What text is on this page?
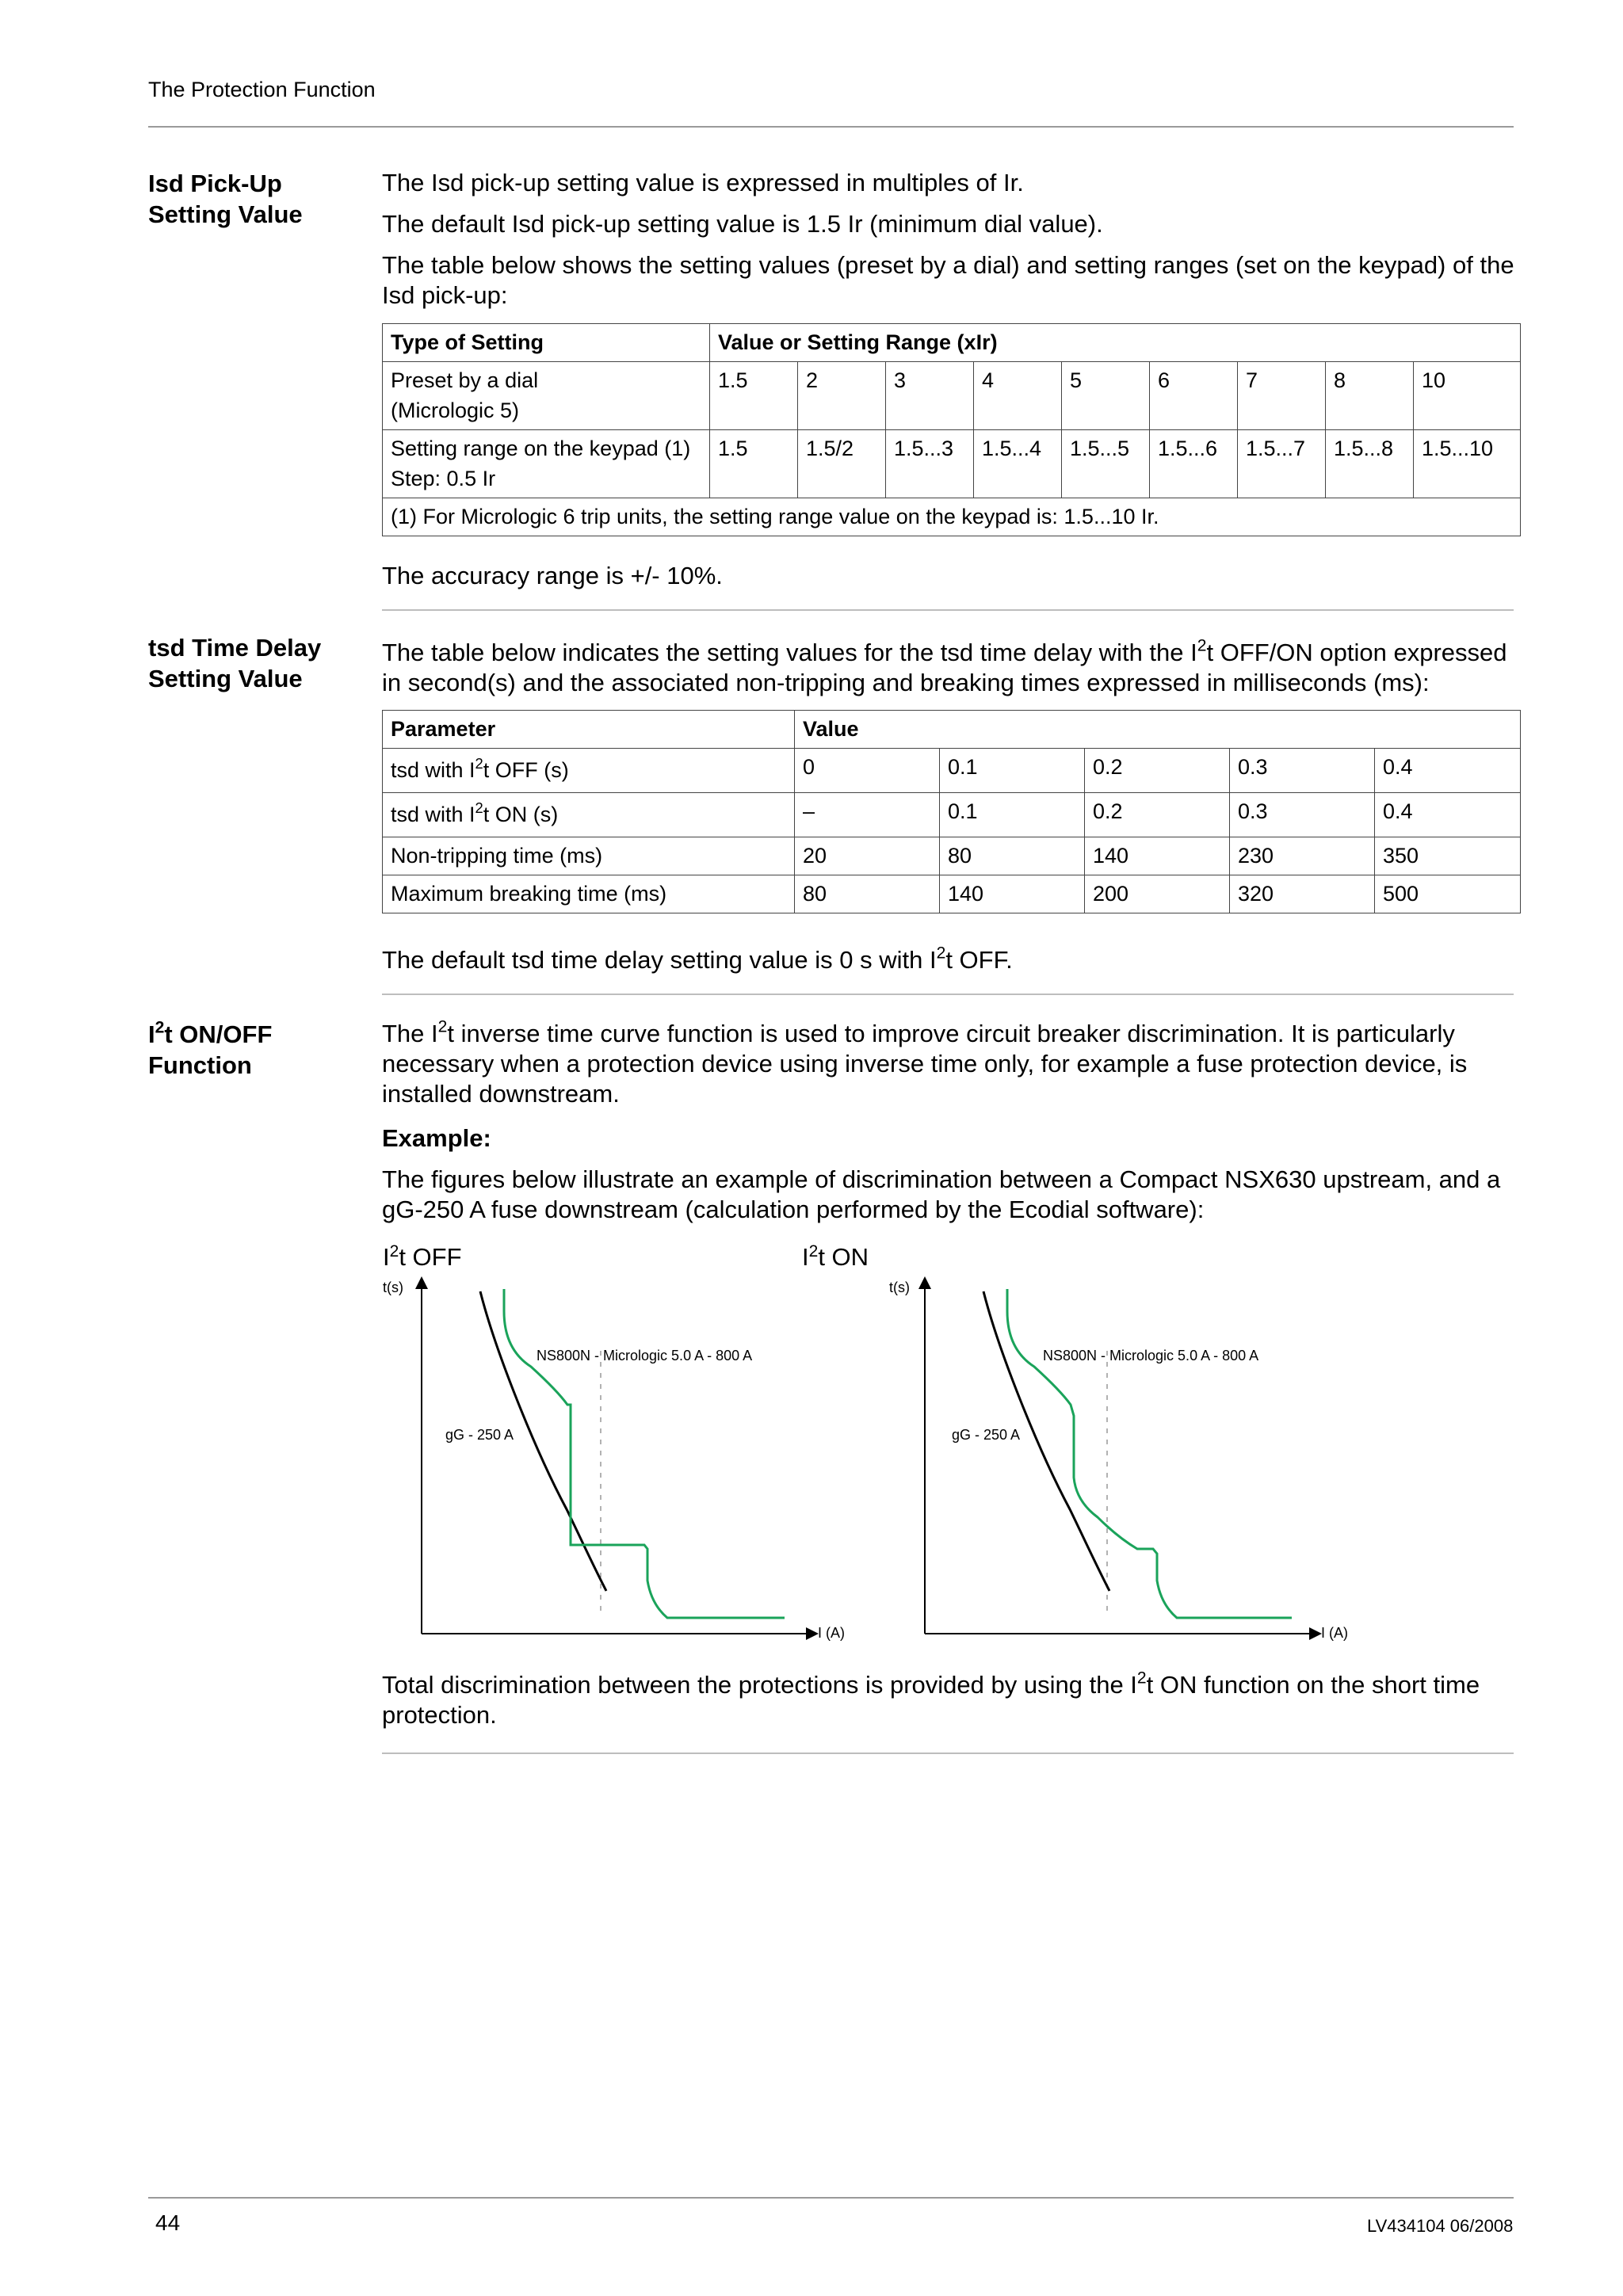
The Protection Function
Isd Pick-Up
Setting Value
The Isd pick-up setting value is expressed in multiples of Ir.
The default Isd pick-up setting value is 1.5 Ir (minimum dial value).
The table below shows the setting values (preset by a dial) and setting ranges (set on the keypad) of the Isd pick-up:
Type of Setting	Value or Setting Range (xIr)								

Preset by a dial
(Micrologic 5)	1.5	2	3	4	5	6	7	8	10

Setting range on the keypad (1)
Step: 0.5 Ir	1.5	1.5/2	1.5...3	1.5...4	1.5...5	1.5...6	1.5...7	1.5...8	1.5...10
(1) For Micrologic 6 trip units, the setting range value on the keypad is: 1.5...10 Ir.									
The accuracy range is +/- 10%.
tsd Time Delay
Setting Value
The table below indicates the setting values for the tsd time delay with the $I^2t$ OFF/ON option expressed in second(s) and the associated non-tripping and breaking times expressed in milliseconds (ms):
Parameter	Value				
tsd with $I^2t$ OFF (s)	0	0.1	0.2	0.3	0.4
tsd with $I^2t$ ON (s)	–	0.1	0.2	0.3	0.4
Non-tripping time (ms)	20	80	140	230	350
Maximum breaking time (ms)	80	140	200	320	500
The default tsd time delay setting value is 0 s with $I^2t$ OFF.
$I^2t$ ON/OFF
Function
The $I^2t$ inverse time curve function is used to improve circuit breaker discrimination. It is particularly necessary when a protection device using inverse time only, for example a fuse protection device, is installed downstream.
Example:
The figures below illustrate an example of discrimination between a Compact NSX630 upstream, and a gG-250 A fuse downstream (calculation performed by the Ecodial software):
$I^2t$ OFF
t(s)
I (A)
NS800N - Micrologic 5.0 A - 800 A
gG - 250 A
$I^2t$ ON
t(s)
I (A)
NS800N - Micrologic 5.0 A - 800 A
gG - 250 A
Total discrimination between the protections is provided by using the $I^2t$ ON function on the short time protection.
44	LV434104 06/2008
